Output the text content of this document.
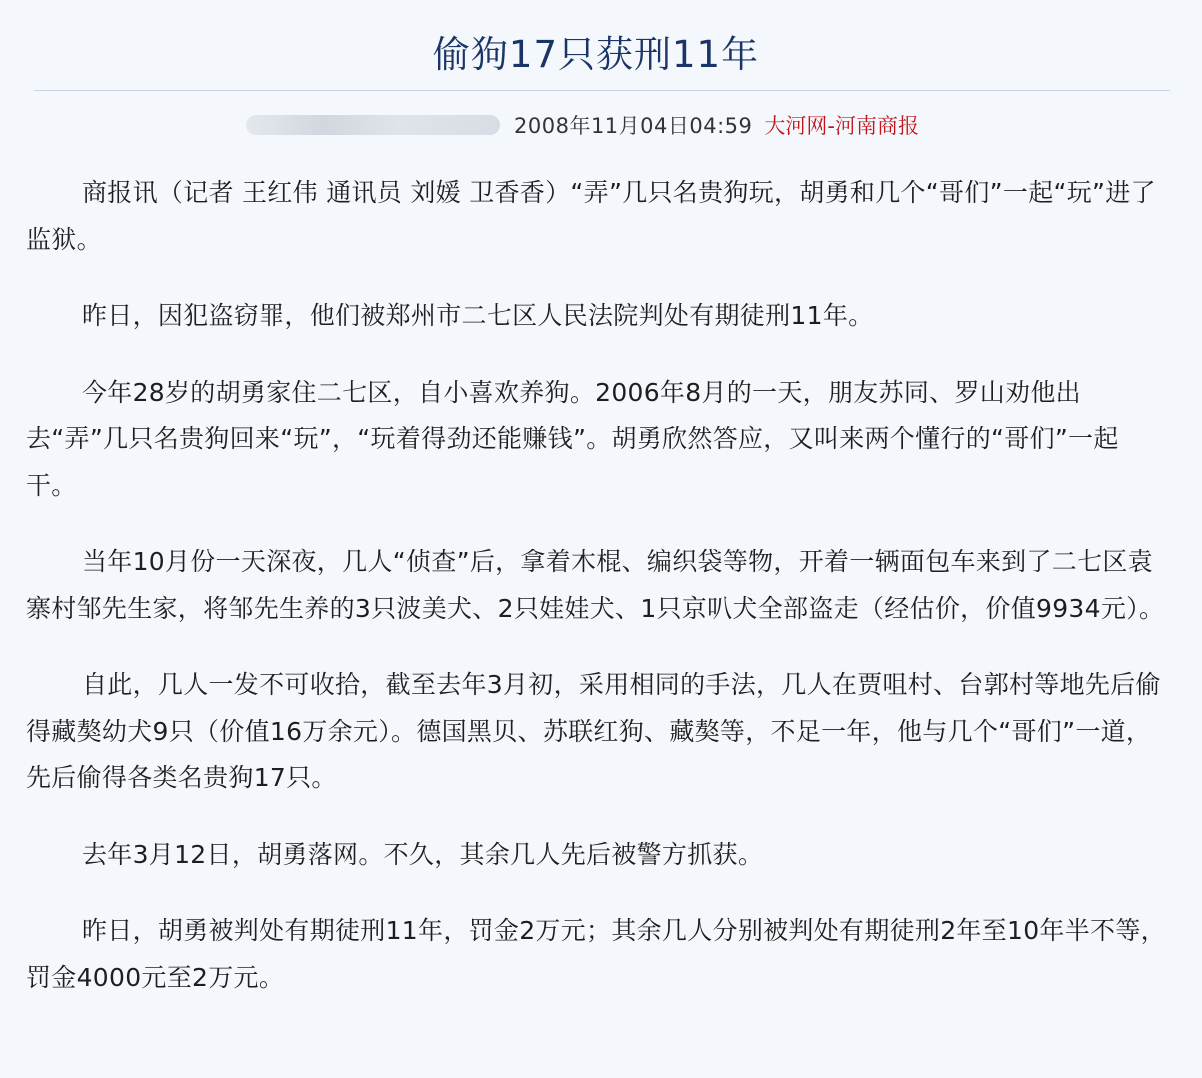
偷狗17只获刑11年
2008年11月04日04:59 大河网-河南商报

商报讯（记者 王红伟 通讯员 刘媛 卫香香）“弄”几只名贵狗玩，胡勇和几个“哥们”一起“玩”进了监狱。

昨日，因犯盗窃罪，他们被郑州市二七区人民法院判处有期徒刑11年。

今年28岁的胡勇家住二七区，自小喜欢养狗。2006年8月的一天，朋友苏同、罗山劝他出去“弄”几只名贵狗回来“玩”，“玩着得劲还能赚钱”。胡勇欣然答应，又叫来两个懂行的“哥们”一起干。

当年10月份一天深夜，几人“侦查”后，拿着木棍、编织袋等物，开着一辆面包车来到了二七区袁寨村邹先生家，将邹先生养的3只波美犬、2只娃娃犬、1只京叭犬全部盗走（经估价，价值9934元）。

自此，几人一发不可收拾，截至去年3月初，采用相同的手法，几人在贾咀村、台郭村等地先后偷得藏獒幼犬9只（价值16万余元）。德国黑贝、苏联红狗、藏獒等，不足一年，他与几个“哥们”一道，先后偷得各类名贵狗17只。

去年3月12日，胡勇落网。不久，其余几人先后被警方抓获。

昨日，胡勇被判处有期徒刑11年，罚金2万元；其余几人分别被判处有期徒刑2年至10年半不等，罚金4000元至2万元。
